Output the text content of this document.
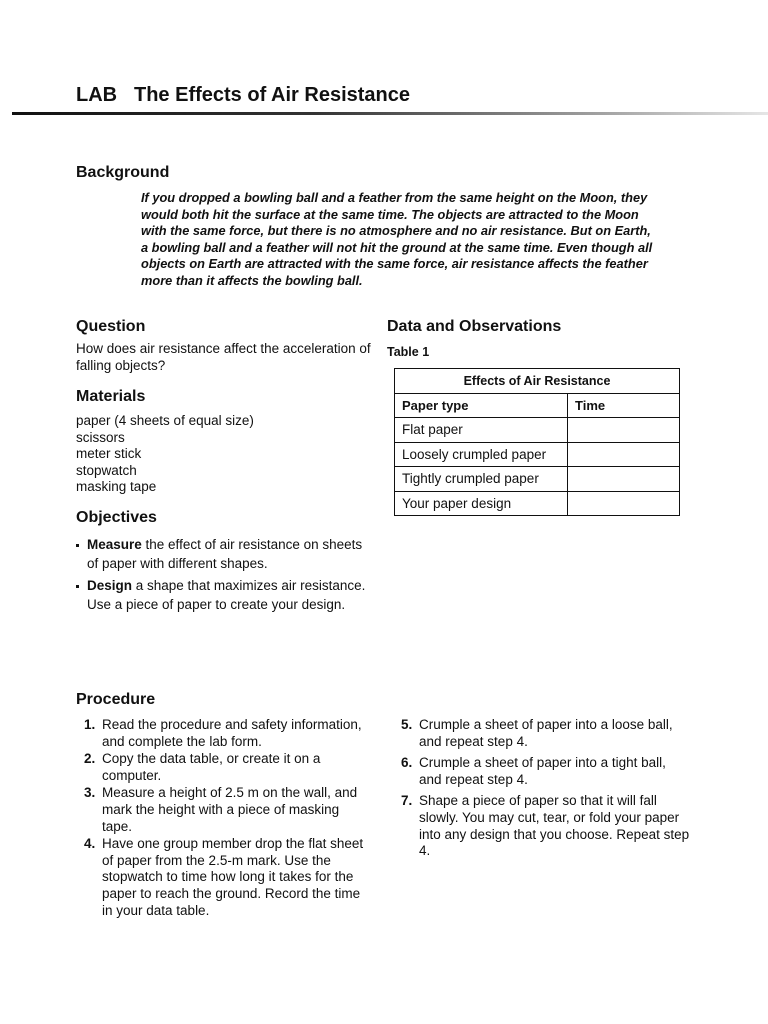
LAB The Effects of Air Resistance
Background
If you dropped a bowling ball and a feather from the same height on the Moon, they would both hit the surface at the same time. The objects are attracted to the Moon with the same force, but there is no atmosphere and no air resistance. But on Earth, a bowling ball and a feather will not hit the ground at the same time. Even though all objects on Earth are attracted with the same force, air resistance affects the feather more than it affects the bowling ball.
Question
How does air resistance affect the acceleration of falling objects?
Materials
paper (4 sheets of equal size)
scissors
meter stick
stopwatch
masking tape
Objectives
Measure the effect of air resistance on sheets of paper with different shapes.
Design a shape that maximizes air resistance. Use a piece of paper to create your design.
Data and Observations
Table 1
Effects of Air Resistance	
Paper type	Time
Flat paper	
Loosely crumpled paper	
Tightly crumpled paper	
Your paper design	
Procedure
1. Read the procedure and safety information, and complete the lab form.
2. Copy the data table, or create it on a computer.
3. Measure a height of 2.5 m on the wall, and mark the height with a piece of masking tape.
4. Have one group member drop the flat sheet of paper from the 2.5-m mark. Use the stopwatch to time how long it takes for the paper to reach the ground. Record the time in your data table.
5. Crumple a sheet of paper into a loose ball, and repeat step 4.
6. Crumple a sheet of paper into a tight ball, and repeat step 4.
7. Shape a piece of paper so that it will fall slowly. You may cut, tear, or fold your paper into any design that you choose. Repeat step 4.
